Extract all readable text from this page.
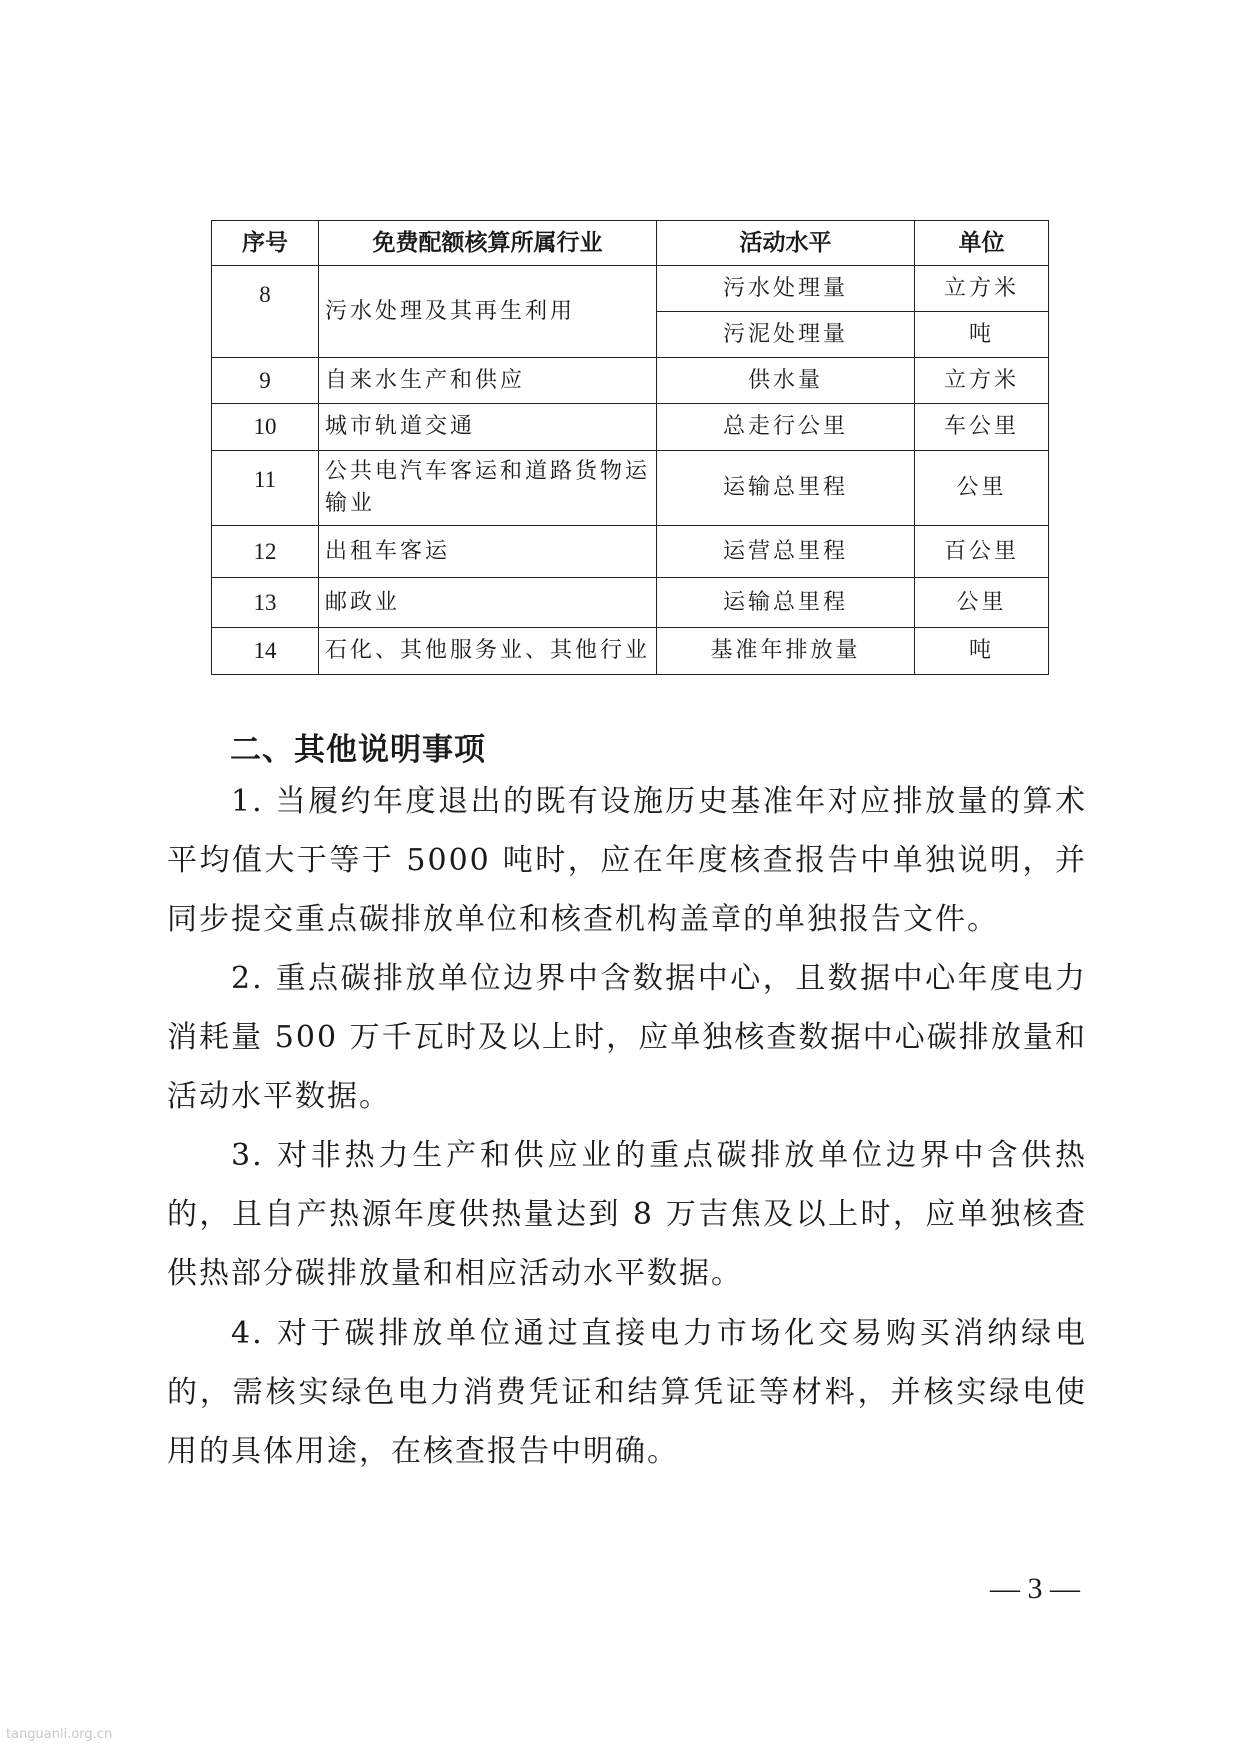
序号	免费配额核算所属行业	活动水平	单位
8	污水处理及其再生利用	污水处理量	立方米
		污泥处理量	吨
9	自来水生产和供应	供水量	立方米
10	城市轨道交通	总走行公里	车公里
11	公共电汽车客运和道路货物运输业	运输总里程	公里
12	出租车客运	运营总里程	百公里
13	邮政业	运输总里程	公里
14	石化、其他服务业、其他行业	基准年排放量	吨
二、其他说明事项

1. 当履约年度退出的既有设施历史基准年对应排放量的算术平均值大于等于 5000 吨时，应在年度核查报告中单独说明，并同步提交重点碳排放单位和核查机构盖章的单独报告文件。

2. 重点碳排放单位边界中含数据中心，且数据中心年度电力消耗量 500 万千瓦时及以上时，应单独核查数据中心碳排放量和活动水平数据。

3. 对非热力生产和供应业的重点碳排放单位边界中含供热的，且自产热源年度供热量达到 8 万吉焦及以上时，应单独核查供热部分碳排放量和相应活动水平数据。

4. 对于碳排放单位通过直接电力市场化交易购买消纳绿电的，需核实绿色电力消费凭证和结算凭证等材料，并核实绿电使用的具体用途，在核查报告中明确。

— 3 —
tanguanli.org.cn
